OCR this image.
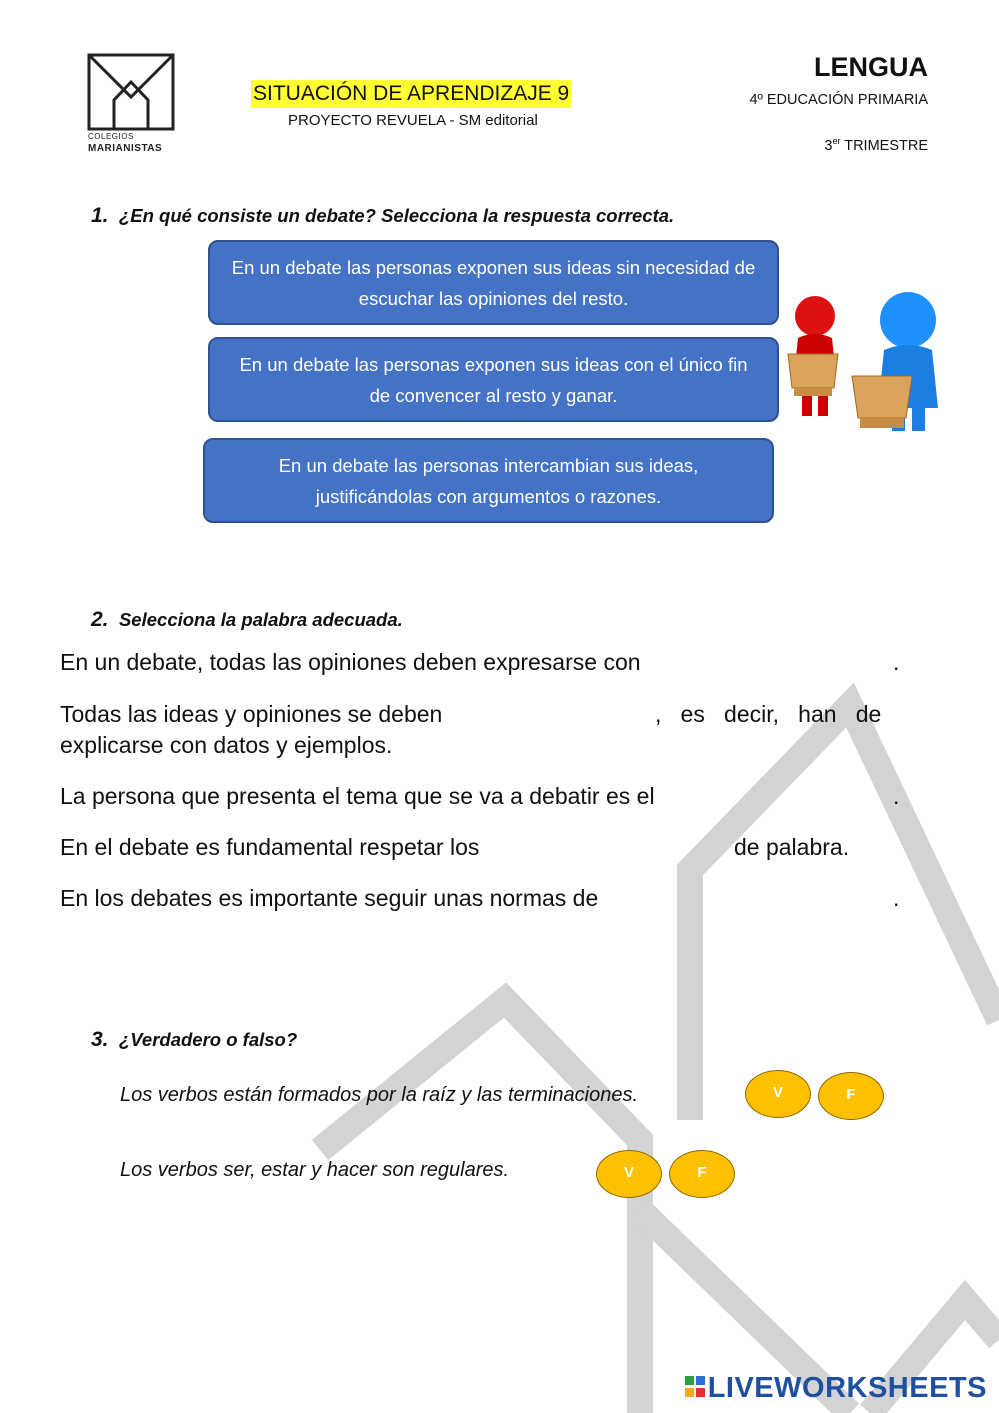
COLEGIOS
MARIANISTAS
SITUACIÓN DE APRENDIZAJE 9
PROYECTO REVUELA - SM editorial
LENGUA
4º EDUCACIÓN PRIMARIA
3er TRIMESTRE
1. ¿En qué consiste un debate? Selecciona la respuesta correcta.
En un debate las personas exponen sus ideas sin necesidad de escuchar las opiniones del resto.
En un debate las personas exponen sus ideas con el único fin de convencer al resto y ganar.
En un debate las personas intercambian sus ideas, justificándolas con argumentos o razones.
2. Selecciona la palabra adecuada.
En un debate, todas las opiniones deben expresarse con	.
Todas las ideas y opiniones se deben	,   es   decir,   han   de
explicarse con datos y ejemplos.
La persona que presenta el tema que se va a debatir es el	.
En el debate es fundamental respetar los	de palabra.
En los debates es importante seguir unas normas de	.
3. ¿Verdadero o falso?
Los verbos están formados por la raíz y las terminaciones.	V	F
Los verbos ser, estar y hacer son regulares.	V	F
LIVEWORKSHEETS
